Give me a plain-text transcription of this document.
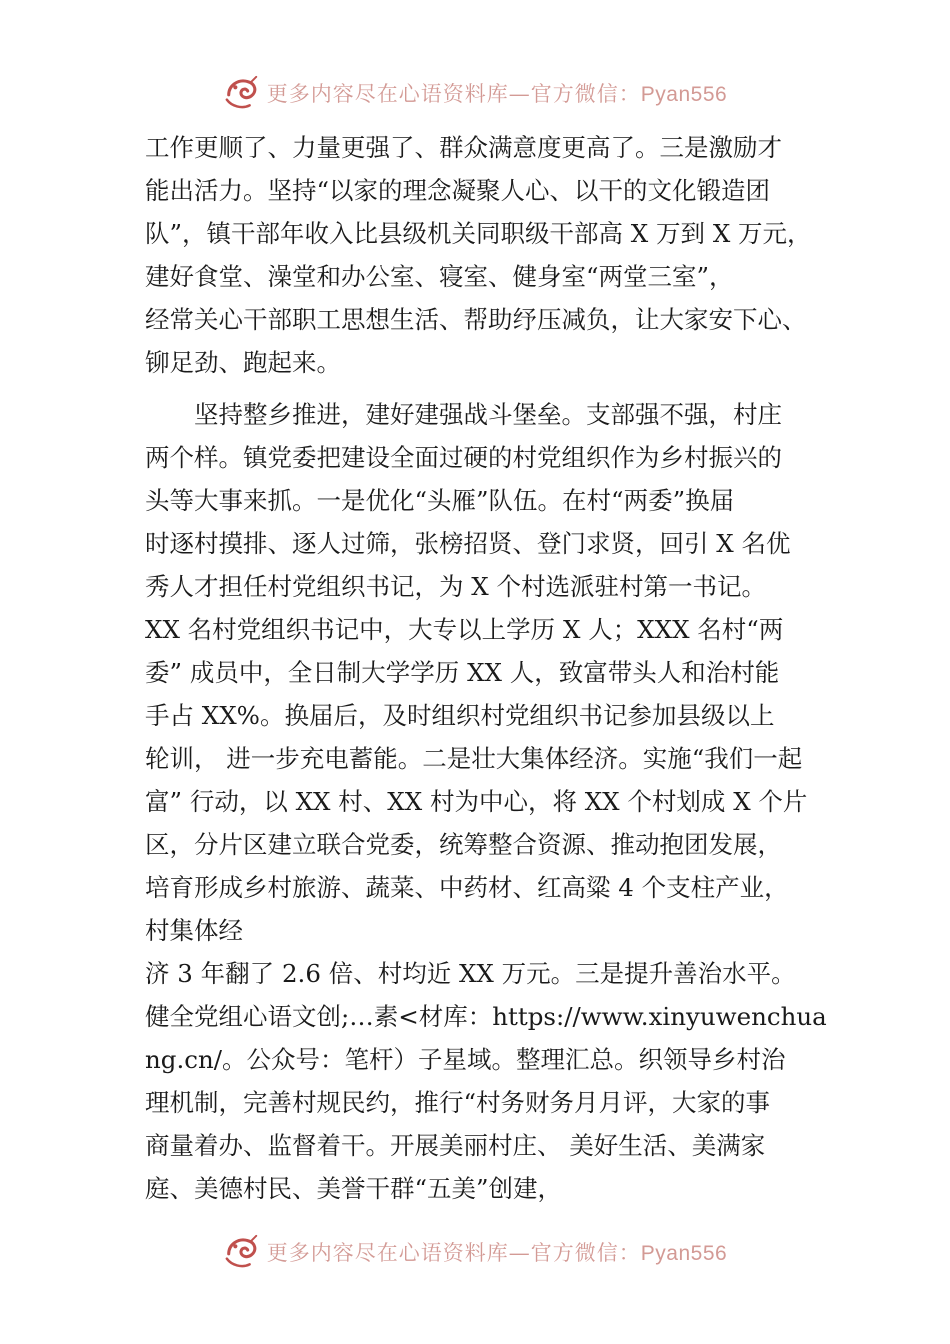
更多内容尽在心语资料库—官方微信：Pyan556
工作更顺了、力量更强了、群众满意度更高了。三是激励才
能出活力。坚持“以家的理念凝聚人心、以干的文化锻造团
队”，镇干部年收入比县级机关同职级干部高 X 万到 X 万元，
建好食堂、澡堂和办公室、寝室、健身室“两堂三室”，
经常关心干部职工思想生活、帮助纾压减负，让大家安下心、
铆足劲、跑起来。
　　坚持整乡推进，建好建强战斗堡垒。支部强不强，村庄
两个样。镇党委把建设全面过硬的村党组织作为乡村振兴的
头等大事来抓。一是优化“头雁”队伍。在村“两委”换届
时逐村摸排、逐人过筛，张榜招贤、登门求贤，回引 X 名优
秀人才担任村党组织书记，为 X 个村选派驻村第一书记。
XX 名村党组织书记中，大专以上学历 X 人；XXX 名村“两
委” 成员中，全日制大学学历 XX 人，致富带头人和治村能
手占 XX%。换届后，及时组织村党组织书记参加县级以上
轮训， 进一步充电蓄能。二是壮大集体经济。实施“我们一起
富” 行动，以 XX 村、XX 村为中心，将 XX 个村划成 X 个片
区，分片区建立联合党委，统筹整合资源、推动抱团发展，
培育形成乡村旅游、蔬菜、中药材、红高粱 4 个支柱产业，
村集体经
济 3 年翻了 2.6 倍、村均近 XX 万元。三是提升善治水平。
健全党组心语文创;…素<材库：https://www.xinyuwenchua
ng.cn/。公众号：笔杆）子星域。整理汇总。织领导乡村治
理机制，完善村规民约，推行“村务财务月月评，大家的事
商量着办、监督着干。开展美丽村庄、 美好生活、美满家
庭、美德村民、美誉干群“五美”创建，
更多内容尽在心语资料库—官方微信：Pyan556
